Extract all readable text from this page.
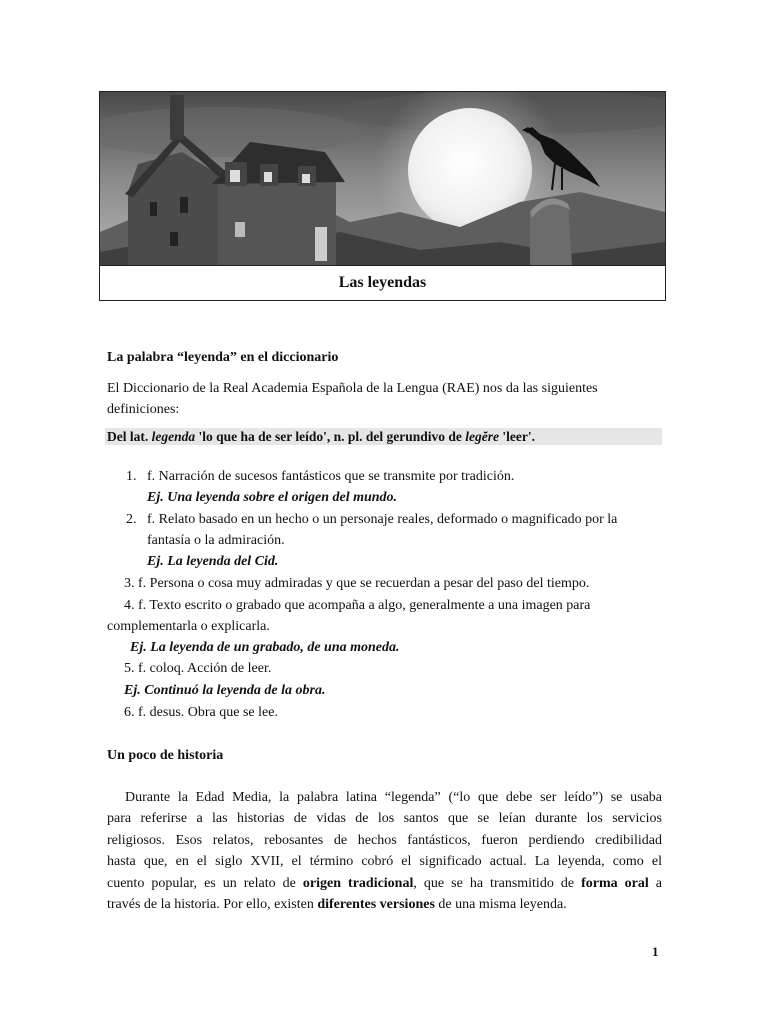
Las leyendas

La palabra “leyenda” en el diccionario

El Diccionario de la Real Academia Española de la Lengua (RAE) nos da las siguientes

definiciones:

Del lat. legenda 'lo que ha de ser leído', n. pl. del gerundivo de legĕre 'leer'.

1. f. Narración de sucesos fantásticos que se transmite por tradición.

Ej. Una leyenda sobre el origen del mundo.

2. f. Relato basado en un hecho o un personaje reales, deformado o magnificado por la

fantasía o la admiración.

Ej. La leyenda del Cid.

3. f. Persona o cosa muy admiradas y que se recuerdan a pesar del paso del tiempo.

4. f. Texto escrito o grabado que acompaña a algo, generalmente a una imagen para

complementarla o explicarla.

Ej. La leyenda de un grabado, de una moneda.

5. f. coloq. Acción de leer.

Ej. Continuó la leyenda de la obra.

6. f. desus. Obra que se lee.

Un poco de historia

Durante la Edad Media, la palabra latina “legenda” (“lo que debe ser leído”) se usaba
para referirse a las historias de vidas de los santos que se leían durante los servicios
religiosos. Esos relatos, rebosantes de hechos fantásticos, fueron perdiendo credibilidad
hasta que, en el siglo XVII, el término cobró el significado actual. La leyenda, como el
cuento popular, es un relato de origen tradicional, que se ha transmitido de forma oral a
través de la historia. Por ello, existen diferentes versiones de una misma leyenda.
1
